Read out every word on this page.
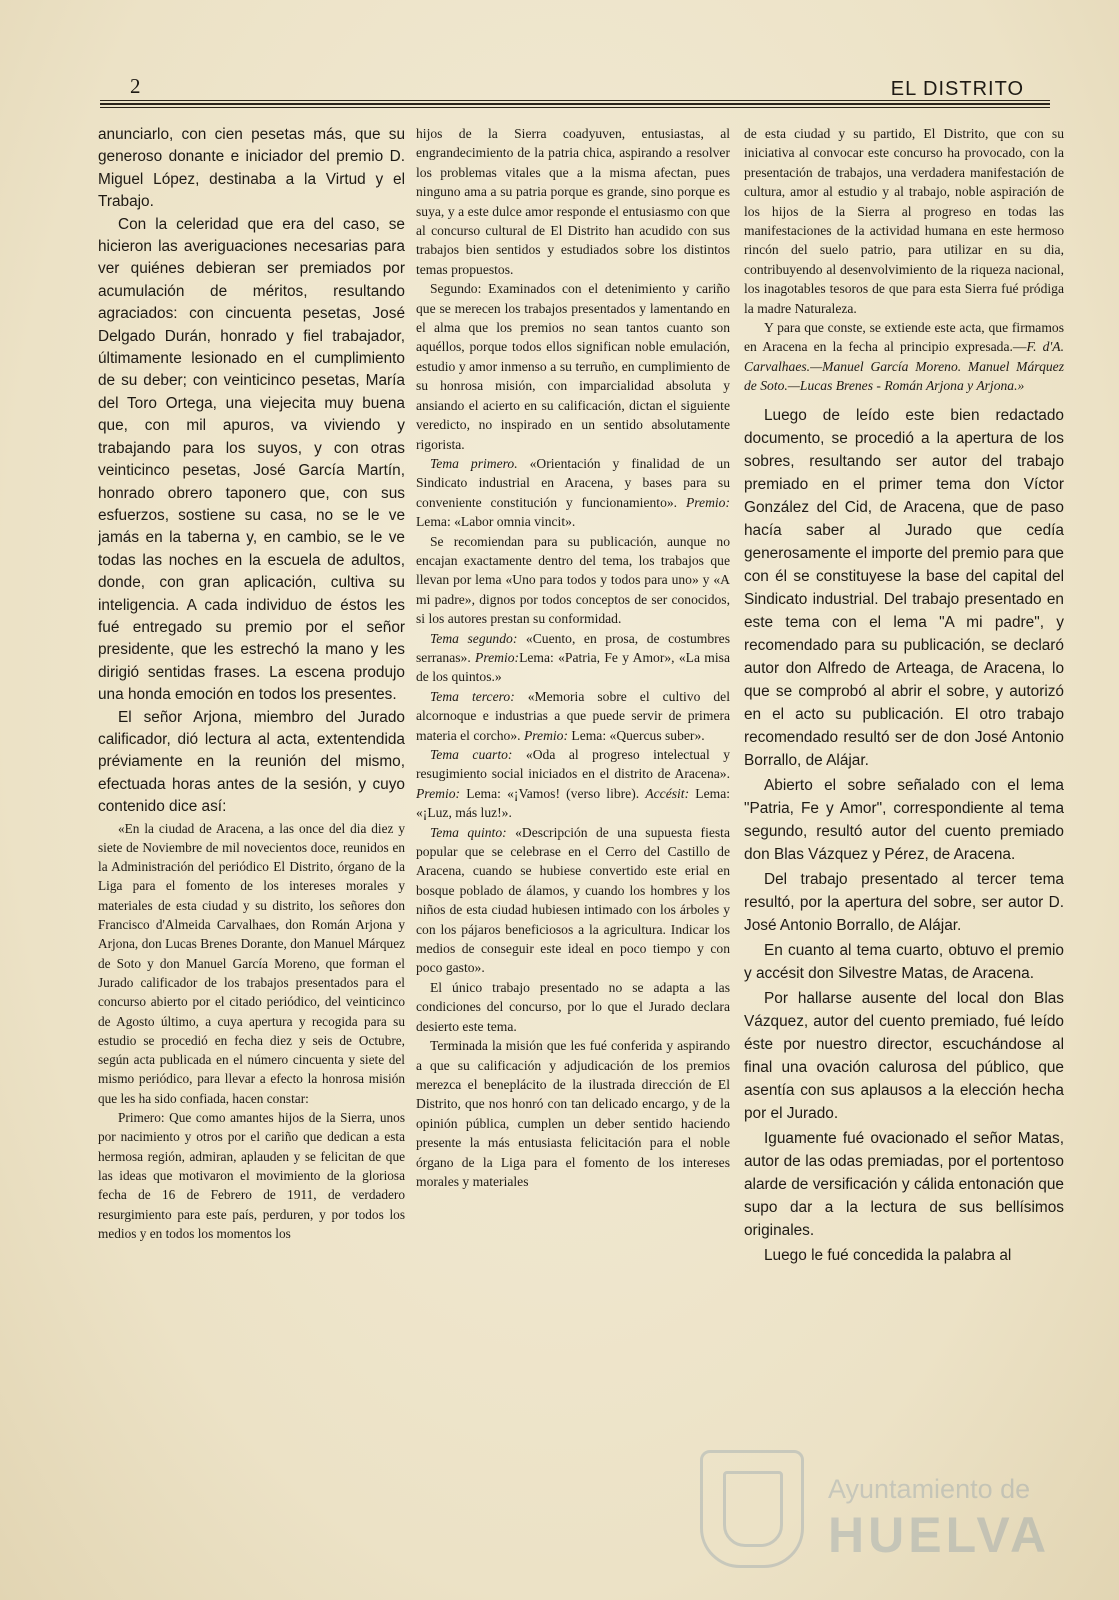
2	EL DISTRITO

anunciarlo, con cien pesetas más, que su generoso donante e iniciador del premio D. Miguel López, destinaba a la Virtud y el Trabajo.

Con la celeridad que era del caso, se hicieron las averiguaciones necesarias para ver quiénes debieran ser premiados por acumulación de méritos, resultando agraciados: con cincuenta pesetas, José Delgado Durán, honrado y fiel trabajador, últimamente lesionado en el cumplimiento de su deber; con veinticinco pesetas, María del Toro Ortega, una viejecita muy buena que, con mil apuros, va viviendo y trabajando para los suyos, y con otras veinticinco pesetas, José García Martín, honrado obrero taponero que, con sus esfuerzos, sostiene su casa, no se le ve jamás en la taberna y, en cambio, se le ve todas las noches en la escuela de adultos, donde, con gran aplicación, cultiva su inteligencia. A cada individuo de éstos les fué entregado su premio por el señor presidente, que les estrechó la mano y les dirigió sentidas frases. La escena produjo una honda emoción en todos los presentes.

El señor Arjona, miembro del Jurado calificador, dió lectura al acta, extentendida préviamente en la reunión del mismo, efectuada horas antes de la sesión, y cuyo contenido dice así:

«En la ciudad de Aracena, a las once del dia diez y siete de Noviembre de mil novecientos doce, reunidos en la Administración del periódico El Distrito, órgano de la Liga para el fomento de los intereses morales y materiales de esta ciudad y su distrito, los señores don Francisco d'Almeida Carvalhaes, don Román Arjona y Arjona, don Lucas Brenes Dorante, don Manuel Márquez de Soto y don Manuel García Moreno, que forman el Jurado calificador de los trabajos presentados para el concurso abierto por el citado periódico, del veinticinco de Agosto último, a cuya apertura y recogida para su estudio se procedió en fecha diez y seis de Octubre, según acta publicada en el número cincuenta y siete del mismo periódico, para llevar a efecto la honrosa misión que les ha sido confiada, hacen constar:

Primero: Que como amantes hijos de la Sierra, unos por nacimiento y otros por el cariño que dedican a esta hermosa región, admiran, aplauden y se felicitan de que las ideas que motivaron el movimiento de la gloriosa fecha de 16 de Febrero de 1911, de verdadero resurgimiento para este país, perduren, y por todos los medios y en todos los momentos los

hijos de la Sierra coadyuven, entusiastas, al engrandecimiento de la patria chica, aspirando a resolver los problemas vitales que a la misma afectan, pues ninguno ama a su patria porque es grande, sino porque es suya, y a este dulce amor responde el entusiasmo con que al concurso cultural de El Distrito han acudido con sus trabajos bien sentidos y estudiados sobre los distintos temas propuestos.

Segundo: Examinados con el detenimiento y cariño que se merecen los trabajos presentados y lamentando en el alma que los premios no sean tantos cuanto son aquéllos, porque todos ellos significan noble emulación, estudio y amor inmenso a su terruño, en cumplimiento de su honrosa misión, con imparcialidad absoluta y ansiando el acierto en su calificación, dictan el siguiente veredicto, no inspirado en un sentido absolutamente rigorista.

Tema primero. «Orientación y finalidad de un Sindicato industrial en Aracena, y bases para su conveniente constitución y funcionamiento». Premio: Lema: «Labor omnia vincit».

Se recomiendan para su publicación, aunque no encajan exactamente dentro del tema, los trabajos que llevan por lema «Uno para todos y todos para uno» y «A mi padre», dignos por todos conceptos de ser conocidos, si los autores prestan su conformidad.

Tema segundo: «Cuento, en prosa, de costumbres serranas». Premio:Lema: «Patria, Fe y Amor», «La misa de los quintos.»

Tema tercero: «Memoria sobre el cultivo del alcornoque e industrias a que puede servir de primera materia el corcho». Premio: Lema: «Quercus suber».

Tema cuarto: «Oda al progreso intelectual y resugimiento social iniciados en el distrito de Aracena». Premio: Lema: «¡Vamos! (verso libre). Accésit: Lema: «¡Luz, más luz!».

Tema quinto: «Descripción de una supuesta fiesta popular que se celebrase en el Cerro del Castillo de Aracena, cuando se hubiese convertido este erial en bosque poblado de álamos, y cuando los hombres y los niños de esta ciudad hubiesen intimado con los árboles y con los pájaros beneficiosos a la agricultura. Indicar los medios de conseguir este ideal en poco tiempo y con poco gasto».

El único trabajo presentado no se adapta a las condiciones del concurso, por lo que el Jurado declara desierto este tema.

Terminada la misión que les fué conferida y aspirando a que su calificación y adjudicación de los premios merezca el beneplácito de la ilustrada dirección de El Distrito, que nos honró con tan delicado encargo, y de la opinión pública, cumplen un deber sentido haciendo presente la más entusiasta felicitación para el noble órgano de la Liga para el fomento de los intereses morales y materiales

de esta ciudad y su partido, El Distrito, que con su iniciativa al convocar este concurso ha provocado, con la presentación de trabajos, una verdadera manifestación de cultura, amor al estudio y al trabajo, noble aspiración de los hijos de la Sierra al progreso en todas las manifestaciones de la actividad humana en este hermoso rincón del suelo patrio, para utilizar en su dia, contribuyendo al desenvolvimiento de la riqueza nacional, los inagotables tesoros de que para esta Sierra fué pródiga la madre Naturaleza.

Y para que conste, se extiende este acta, que firmamos en Aracena en la fecha al principio expresada.—F. d'A. Carvalhaes.—Manuel García Moreno. Manuel Márquez de Soto.—Lucas Brenes - Román Arjona y Arjona.»

Luego de leído este bien redactado documento, se procedió a la apertura de los sobres, resultando ser autor del trabajo premiado en el primer tema don Víctor González del Cid, de Aracena, que de paso hacía saber al Jurado que cedía generosamente el importe del premio para que con él se constituyese la base del capital del Sindicato industrial. Del trabajo presentado en este tema con el lema "A mi padre", y recomendado para su publicación, se declaró autor don Alfredo de Arteaga, de Aracena, lo que se comprobó al abrir el sobre, y autorizó en el acto su publicación. El otro trabajo recomendado resultó ser de don José Antonio Borrallo, de Alájar.

Abierto el sobre señalado con el lema "Patria, Fe y Amor", correspondiente al tema segundo, resultó autor del cuento premiado don Blas Vázquez y Pérez, de Aracena.

Del trabajo presentado al tercer tema resultó, por la apertura del sobre, ser autor D. José Antonio Borrallo, de Alájar.

En cuanto al tema cuarto, obtuvo el premio y accésit don Silvestre Matas, de Aracena.

Por hallarse ausente del local don Blas Vázquez, autor del cuento premiado, fué leído éste por nuestro director, escuchándose al final una ovación calurosa del público, que asentía con sus aplausos a la elección hecha por el Jurado.

Iguamente fué ovacionado el señor Matas, autor de las odas premiadas, por el portentoso alarde de versificación y cálida entonación que supo dar a la lectura de sus bellísimos originales.

Luego le fué concedida la palabra al

Ayuntamiento de
HUELVA
